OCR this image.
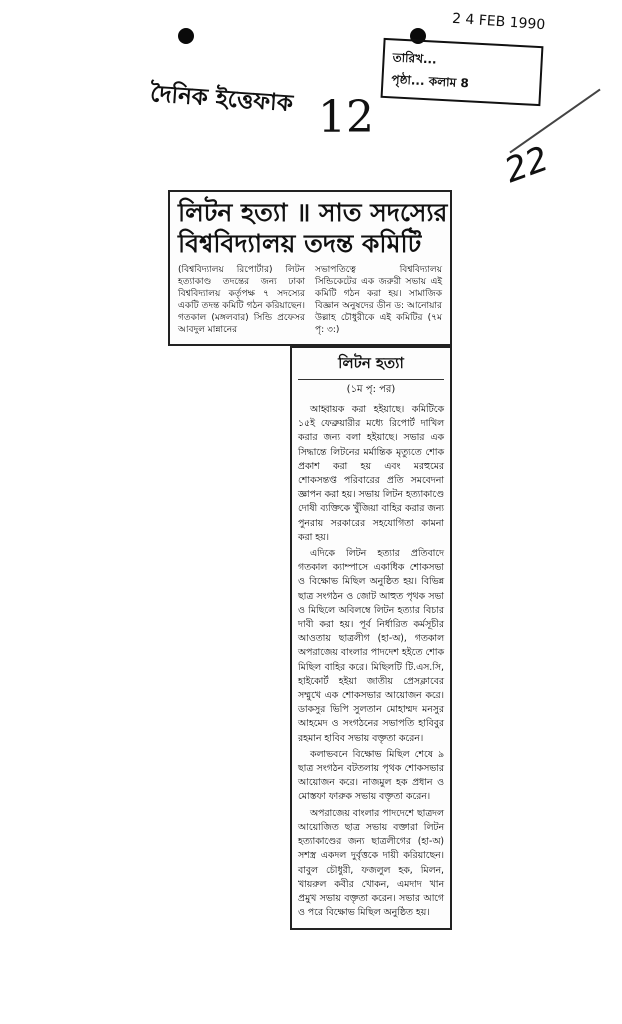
দৈনিক ইত্তেফাক 12
2 4 FEB 1990
তারিখ...
পৃষ্ঠা... কলাম 8
22
লিটন হত্যা ॥ সাত সদস্যের
বিশ্ববিদ্যালয় তদন্ত কমিটি
(বিশ্ববিদ্যালয় রিপোর্টার) লিটন হত্যাকাণ্ড তদন্তের জন্য ঢাকা বিশ্ববিদ্যালয় কর্তৃপক্ষ ৭ সদস্যের একটি তদন্ত কমিটি গঠন করিয়াছেন। গতকাল (মঙ্গলবার) সিন্ডি প্রফেসর আবদুল মান্নানের
সভাপতিত্বে বিশ্ববিদ্যালয় সিন্ডিকেটের এক জরুরী সভায় এই কমিটি গঠন করা হয়। সামাজিক বিজ্ঞান অনুষদের ডীন ড: আনোয়ার উল্লাহ চৌধুরীকে এই কমিটির (৭ম পৃ: ৩:)
লিটন হত্যা
(১ম পৃ: পর)

আহ্বায়ক করা হইয়াছে। কমিটিকে ১৫ই ফেব্রুয়ারীর মধ্যে রিপোর্ট দাখিল করার জন্য বলা হইয়াছে। সভার এক সিদ্ধান্তে লিটনের মর্মান্তিক মৃত্যুতে শোক প্রকাশ করা হয় এবং মরহুমের শোকসন্তপ্ত পরিবারের প্রতি সমবেদনা জ্ঞাপন করা হয়। সভায় লিটন হত্যাকাণ্ডে দোষী ব্যক্তিকে খুঁজিয়া বাহির করার জন্য পুনরায় সরকারের সহযোগিতা কামনা করা হয়।

এদিকে লিটন হত্যার প্রতিবাদে গতকাল ক্যাম্পাসে একাধিক শোকসভা ও বিক্ষোভ মিছিল অনুষ্ঠিত হয়। বিভিন্ন ছাত্র সংগঠন ও জোট আহুত পৃথক সভা ও মিছিলে অবিলম্বে লিটন হত্যার বিচার দাবী করা হয়। পূর্ব নির্ধারিত কর্মসূচীর আওতায় ছাত্রলীগ (হা-অ), গতকাল অপরাজেয় বাংলার পাদদেশ হইতে শোক মিছিল বাহির করে। মিছিলটি টি.এস.সি, হাইকোর্ট হইয়া জাতীয় প্রেসক্লাবের সম্মুখে এক শোকসভার আয়োজন করে। ডাকসুর ভিপি সুলতান মোহাম্মদ মনসুর আহমেদ ও সংগঠনের সভাপতি হাবিবুর রহমান হাবিব সভায় বক্তৃতা করেন।

কলাভবনে বিক্ষোভ মিছিল শেষে ৯ ছাত্র সংগঠন বটতলায় পৃথক শোকসভার আয়োজন করে। নাজমুল হক প্রধান ও মোস্তফা ফারুক সভায় বক্তৃতা করেন।

অপরাজেয় বাংলার পাদদেশে ছাত্রদল আয়োজিত ছাত্র সভায় বক্তারা লিটন হত্যাকাণ্ডের জন্য ছাত্রলীগের (হা-অ) সশস্ত্র একদল দুর্বৃত্তকে দায়ী করিয়াছেন। বাবুল চৌধুরী, ফজলুল হক, মিলন, খায়রুল কবীর খোকন, এমদাদ খান প্রমুখ সভায় বক্তৃতা করেন। সভার আগে ও পরে বিক্ষোভ মিছিল অনুষ্ঠিত হয়।
